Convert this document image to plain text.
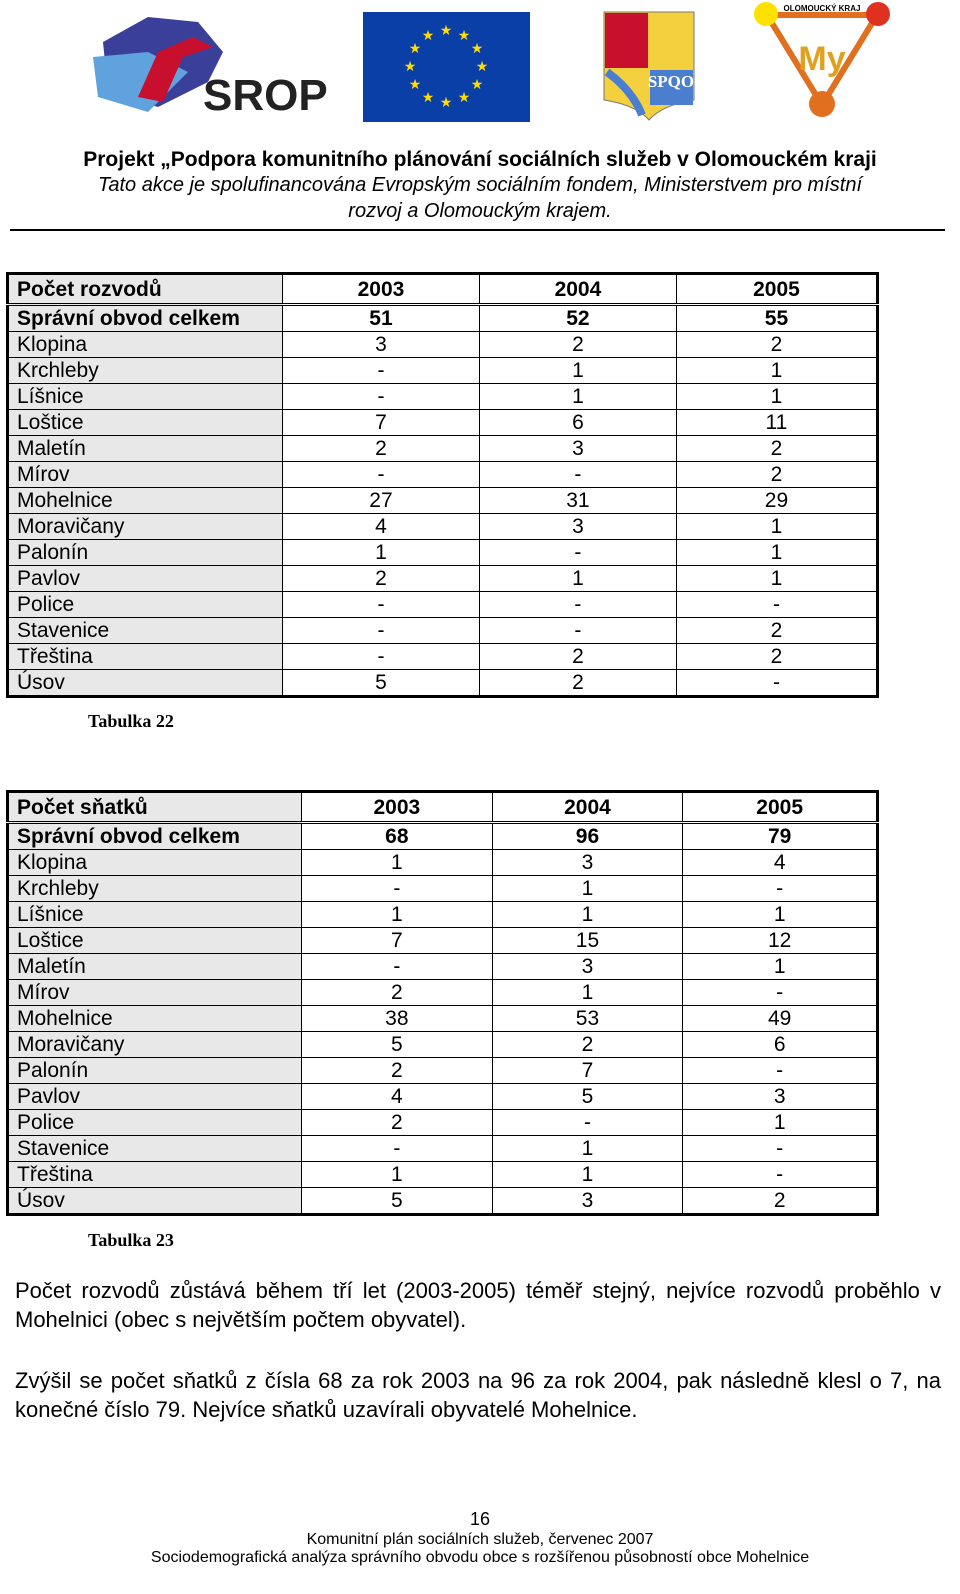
SROP
★ ★
★
★
★
★
★
★
★
★
★
★
SPQO
OLOMOUCKÝ KRAJ
My
Projekt „Podpora komunitního plánování sociálních služeb v Olomouckém kraji
Tato akce je spolufinancována Evropským sociálním fondem, Ministerstvem pro místní
rozvoj a Olomouckým krajem.
Počet rozvodů	2003	2004	2005
Správní obvod celkem	51	52	55
Klopina	3	2	2
Krchleby	-	1	1
Líšnice	-	1	1
Loštice	7	6	11
Maletín	2	3	2
Mírov	-	-	2
Mohelnice	27	31	29
Moravičany	4	3	1
Palonín	1	-	1
Pavlov	2	1	1
Police	-	-	-
Stavenice	-	-	2
Třeština	-	2	2
Úsov	5	2	-
Tabulka 22
Počet sňatků	2003	2004	2005
Správní obvod celkem	68	96	79
Klopina	1	3	4
Krchleby	-	1	-
Líšnice	1	1	1
Loštice	7	15	12
Maletín	-	3	1
Mírov	2	1	-
Mohelnice	38	53	49
Moravičany	5	2	6
Palonín	2	7	-
Pavlov	4	5	3
Police	2	-	1
Stavenice	-	1	-
Třeština	1	1	-
Úsov	5	3	2
Tabulka 23
Počet rozvodů zůstává během tří let (2003-2005) téměř stejný, nejvíce rozvodů proběhlo v Mohelnici (obec s největším počtem obyvatel).
Zvýšil se počet sňatků z čísla 68 za rok 2003 na 96 za rok 2004, pak následně klesl o 7, na konečné číslo 79. Nejvíce sňatků uzavírali obyvatelé Mohelnice.
16
Komunitní plán sociálních služeb, červenec 2007
Sociodemografická analýza správního obvodu obce s rozšířenou působností obce Mohelnice
